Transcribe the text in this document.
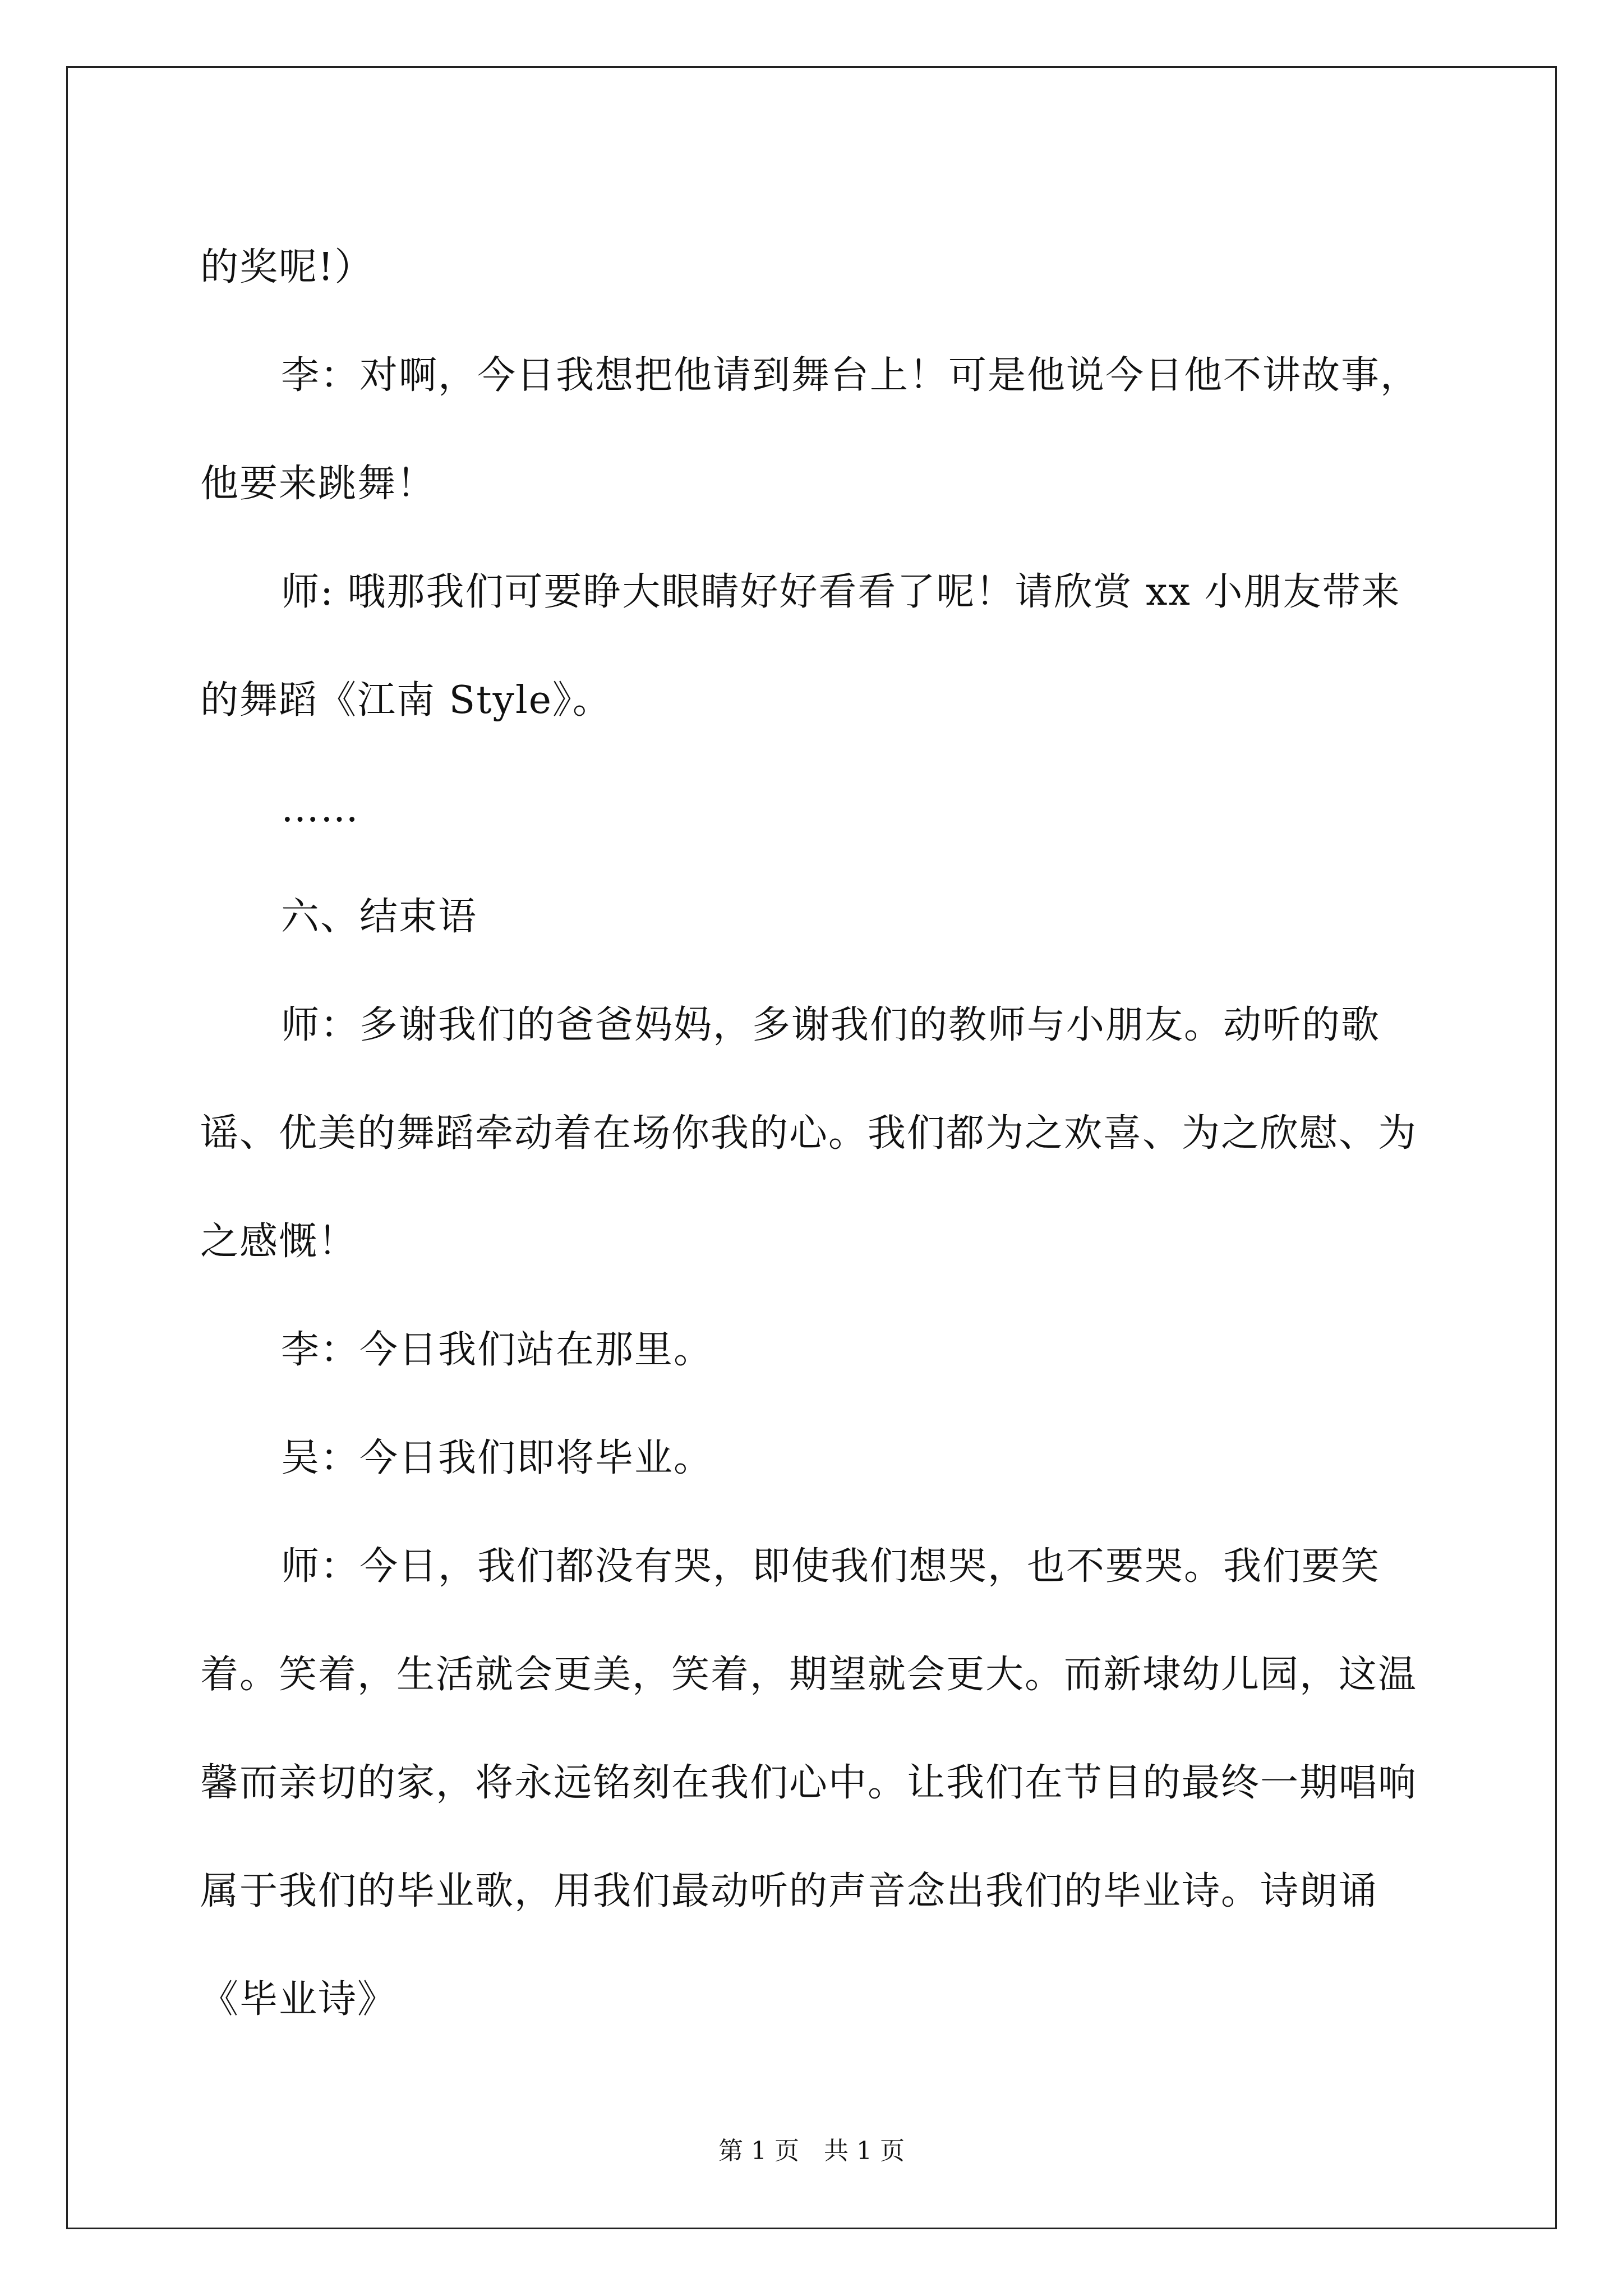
的奖呢!）

李：对啊，今日我想把他请到舞台上！可是他说今日他不讲故事，他要来跳舞！

师: 哦那我们可要睁大眼睛好好看看了呢！请欣赏 xx 小朋友带来的舞蹈《江南 Style》。

……

六、结束语

师：多谢我们的爸爸妈妈，多谢我们的教师与小朋友。动听的歌谣、优美的舞蹈牵动着在场你我的心。我们都为之欢喜、为之欣慰、为之感慨！

李：今日我们站在那里。

吴：今日我们即将毕业。

师：今日，我们都没有哭，即使我们想哭，也不要哭。我们要笑着。笑着，生活就会更美，笑着，期望就会更大。而新埭幼儿园，这温馨而亲切的家，将永远铭刻在我们心中。让我们在节目的最终一期唱响属于我们的毕业歌，用我们最动听的声音念出我们的毕业诗。诗朗诵《毕业诗》

第 1 页　共 1 页
